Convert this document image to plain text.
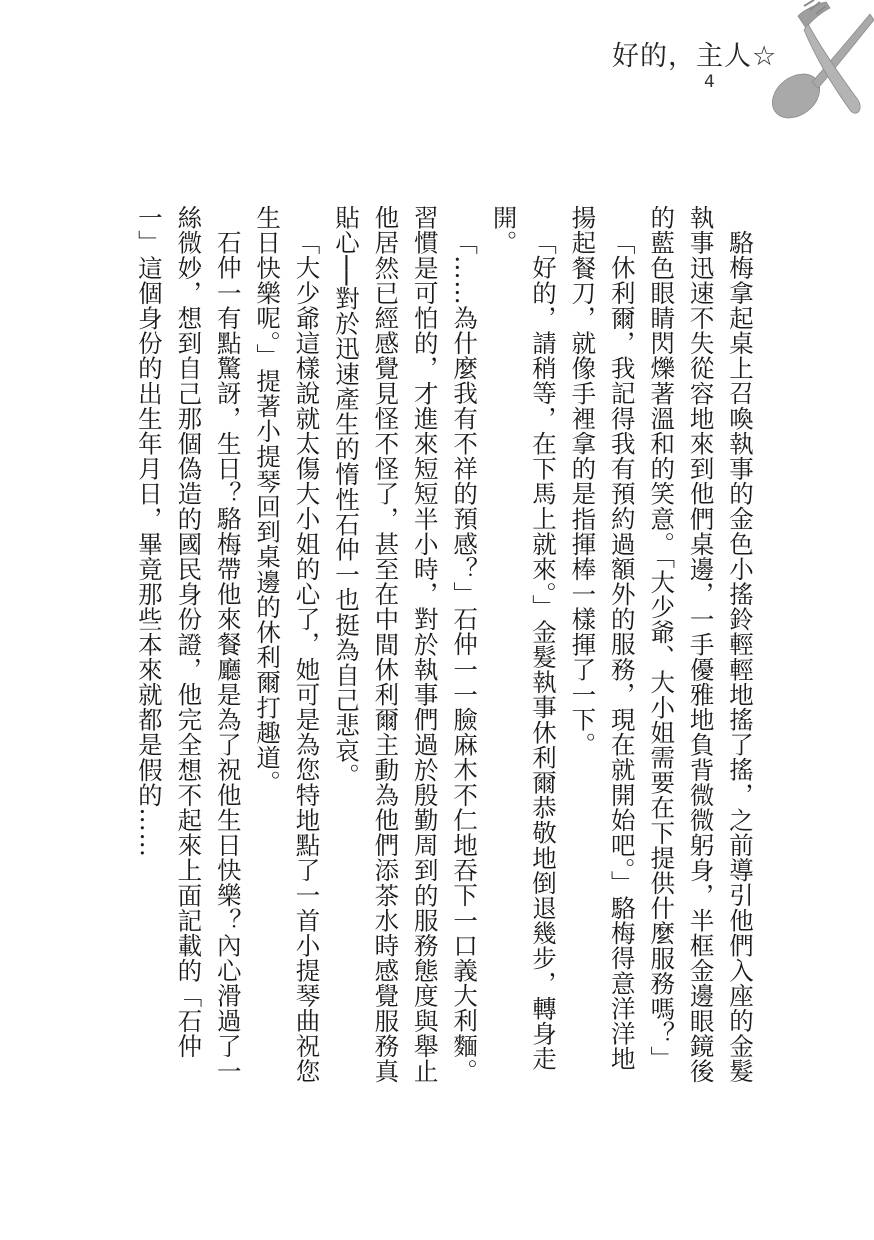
好的，主人☆
4

駱梅拿起桌上召喚執事的金色小搖鈴輕輕地搖了搖，之前導引他們入座的金髮執事迅速不失從容地來到他們桌邊，一手優雅地負背微微躬身，半框金邊眼鏡後的藍色眼睛閃爍著溫和的笑意。「大少爺、大小姐需要在下提供什麼服務嗎？」

「休利爾，我記得我有預約過額外的服務，現在就開始吧。」駱梅得意洋洋地揚起餐刀，就像手裡拿的是指揮棒一樣揮了一下。

「好的，請稍等，在下馬上就來。」金髮執事休利爾恭敬地倒退幾步，轉身走開。

「……為什麼我有不祥的預感？」石仲一一臉麻木不仁地吞下一口義大利麵。習慣是可怕的，才進來短短半小時，對於執事們過於殷勤周到的服務態度與舉止他居然已經感覺見怪不怪了，甚至在中間休利爾主動為他們添茶水時感覺服務真貼心──對於迅速產生的惰性石仲一也挺為自己悲哀。

「大少爺這樣說就太傷大小姐的心了，她可是為您特地點了一首小提琴曲祝您生日快樂呢。」提著小提琴回到桌邊的休利爾打趣道。

石仲一有點驚訝，生日？駱梅帶他來餐廳是為了祝他生日快樂？內心滑過了一絲微妙，想到自己那個偽造的國民身份證，他完全想不起來上面記載的「石仲一」這個身份的出生年月日，畢竟那些本來就都是假的……
